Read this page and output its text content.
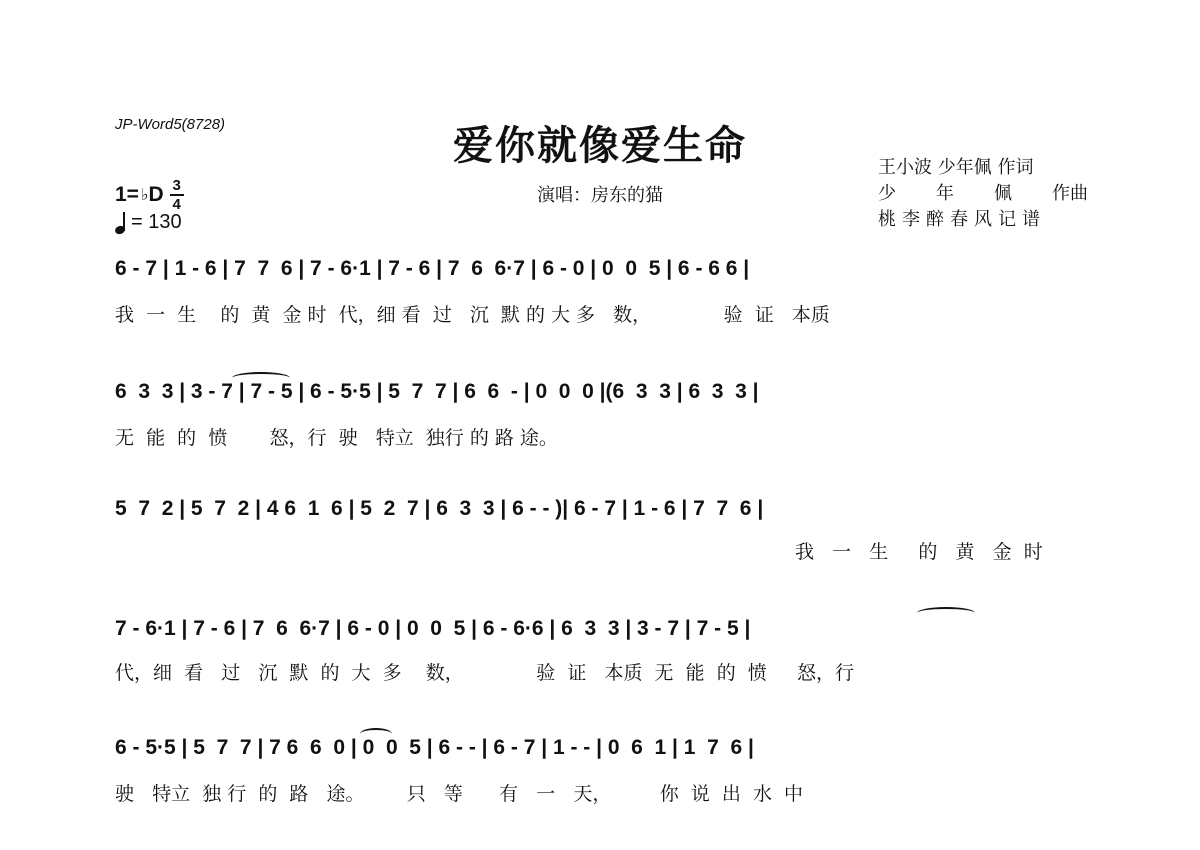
JP-Word5(8728)	爱你就像爱生命
演唱：房东的猫
王小波 少年佩 作词
少 年 佩 作曲
桃李醉春风记谱
1= ♭ D 3
4
= 130
6 - 7 | 1 - 6 | 7  7  6 | 7 - 6·1 | 7 - 6 | 7  6  6·7 | 6 - 0 | 0  0  5 | 6 - 6 6 |
我  一  生    的  黄  金 时  代，细 看  过   沉  默 的 大 多   数，            验  证   本质
6  3  3 | 3 - 7 | 7 - 5 | 6 - 5·5 | 5  7  7 | 6  6  - | 0  0  0 |(6  3  3 | 6  3  3 |
无  能  的  愤       怒，行  驶   特立  独行 的 路 途。
5  7  2 | 5  7  2 | 4 6  1  6 | 5  2  7 | 6  3  3 | 6 - - )| 6 - 7 | 1 - 6 | 7  7  6 |
我   一   生     的   黄   金  时
7 - 6·1 | 7 - 6 | 7  6  6·7 | 6 - 0 | 0  0  5 | 6 - 6·6 | 6  3  3 | 3 - 7 | 7 - 5 |
代，细  看   过   沉  默  的  大  多    数，            验  证   本质  无  能  的  愤     怒，行
6 - 5·5 | 5  7  7 | 7 6  6  0 | 0  0  5 | 6 - - | 6 - 7 | 1 - - | 0  6  1 | 1  7  6 |
驶   特立  独 行  的  路   途。       只   等      有   一   天，        你  说  出  水  中
